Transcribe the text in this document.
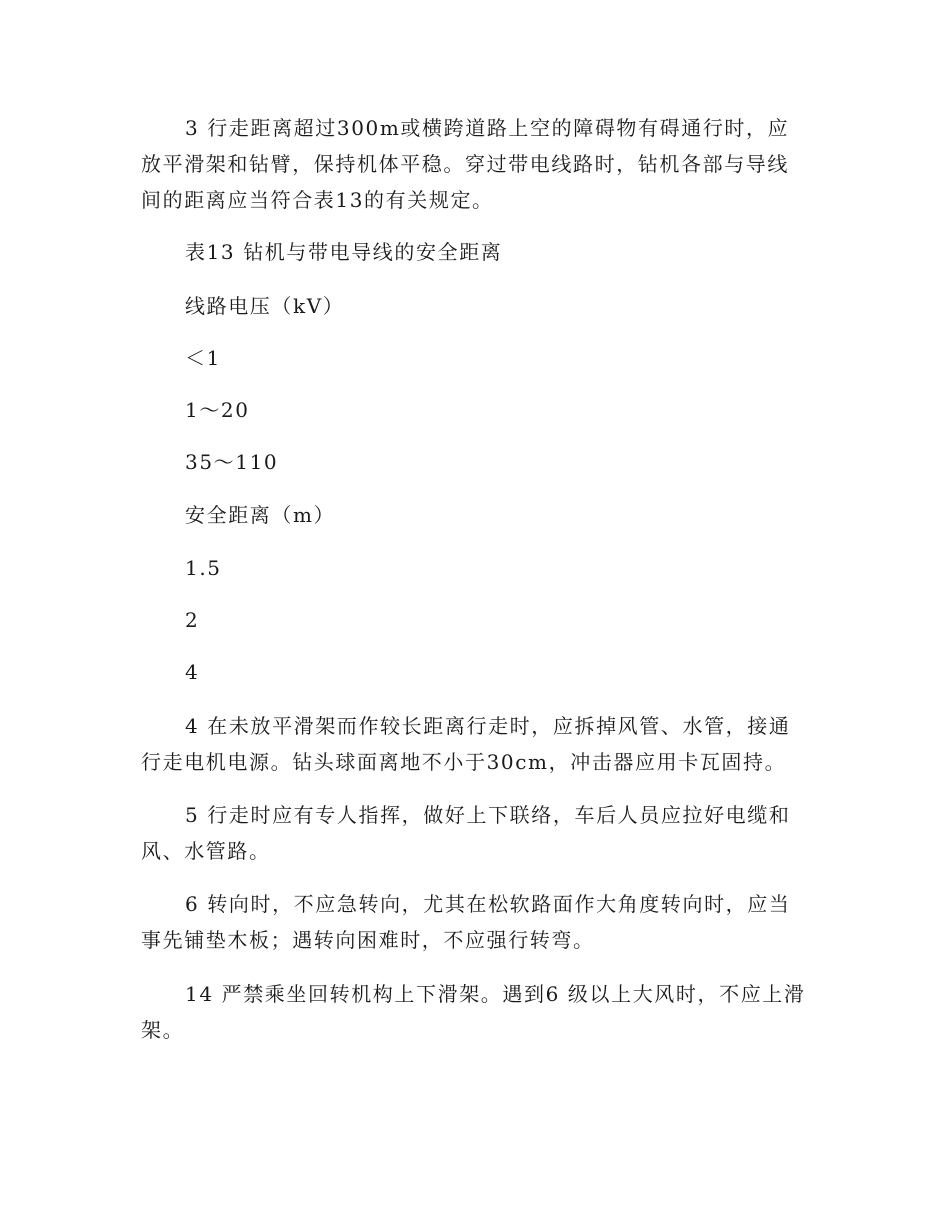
3 行走距离超过300m或横跨道路上空的障碍物有碍通行时，应放平滑架和钻臂，保持机体平稳。穿过带电线路时，钻机各部与导线间的距离应当符合表13的有关规定。

表13 钻机与带电导线的安全距离

线路电压（kV）

＜1

1～20

35～110

安全距离（m）

1.5

2

4

4 在未放平滑架而作较长距离行走时，应拆掉风管、水管，接通行走电机电源。钻头球面离地不小于30cm，冲击器应用卡瓦固持。

5 行走时应有专人指挥，做好上下联络，车后人员应拉好电缆和风、水管路。

6 转向时，不应急转向，尤其在松软路面作大角度转向时，应当事先铺垫木板；遇转向困难时，不应强行转弯。

14 严禁乘坐回转机构上下滑架。遇到6 级以上大风时，不应上滑架。
